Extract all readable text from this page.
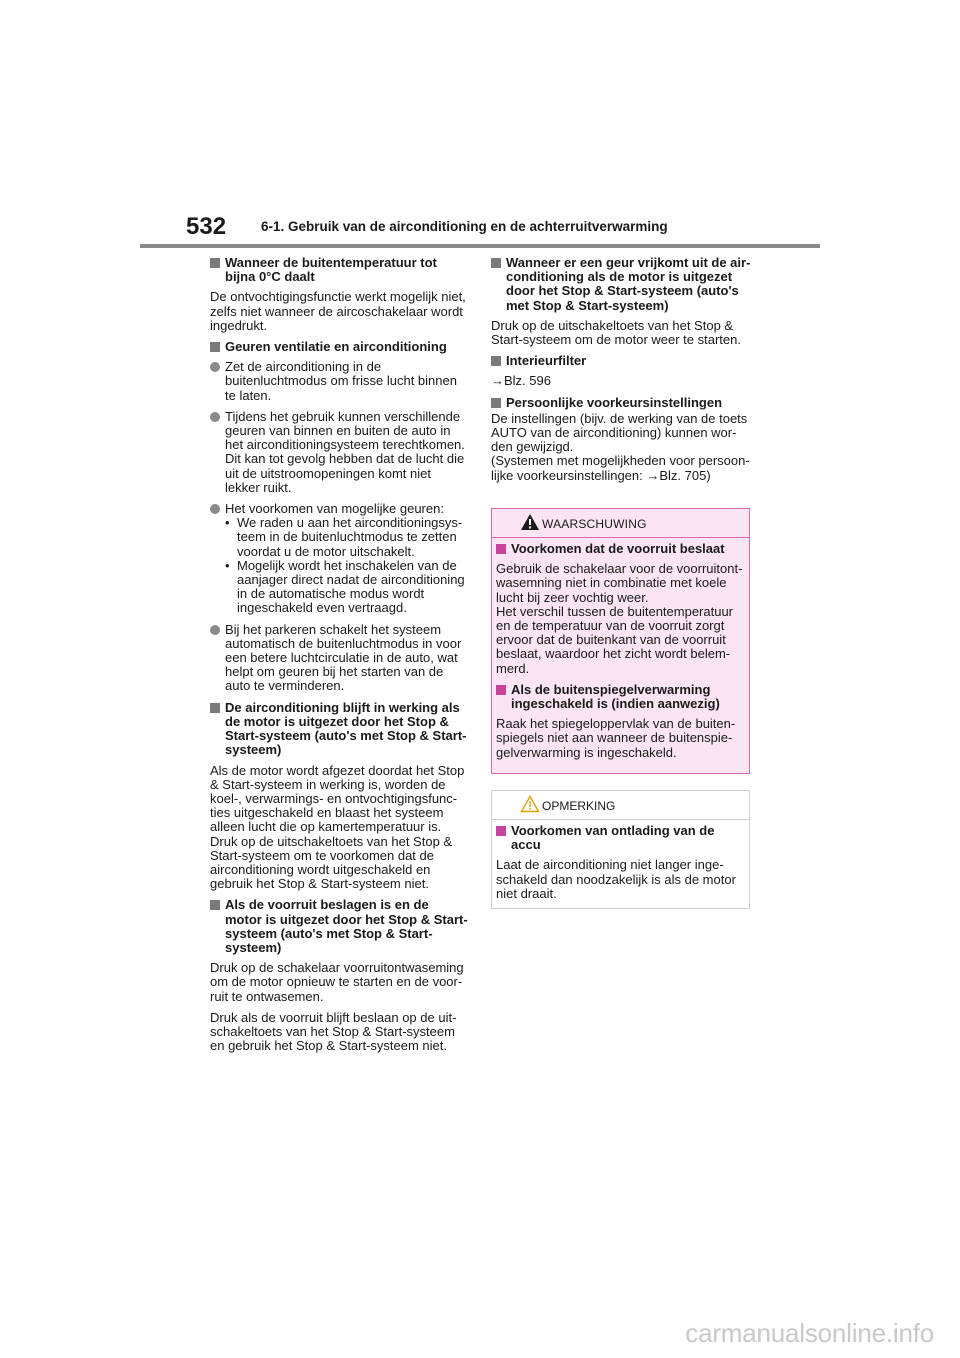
532	6-1. Gebruik van de airconditioning en de achterruitverwarming
Wanneer de buitentemperatuur tot bijna 0°C daalt

De ontvochtigingsfunctie werkt mogelijk niet, zelfs niet wanneer de aircoschakelaar wordt ingedrukt.

Geuren ventilatie en airconditioning
Zet de airconditioning in de buitenluchtmodus om frisse lucht binnen te laten.
Tijdens het gebruik kunnen verschillende geuren van binnen en buiten de auto in het airconditioningsysteem terechtkomen. Dit kan tot gevolg hebben dat de lucht die uit de uitstroomopeningen komt niet lekker ruikt.
Het voorkomen van mogelijke geuren:
• We raden u aan het airconditioningsysteem in de buitenluchtmodus te zetten voordat u de motor uitschakelt.
• Mogelijk wordt het inschakelen van de aanjager direct nadat de airconditioning in de automatische modus wordt ingeschakeld even vertraagd.
Bij het parkeren schakelt het systeem automatisch de buitenluchtmodus in voor een betere luchtcirculatie in de auto, wat helpt om geuren bij het starten van de auto te verminderen.
De airconditioning blijft in werking als de motor is uitgezet door het Stop & Start-systeem (auto's met Stop & Start-systeem)

Als de motor wordt afgezet doordat het Stop & Start-systeem in werking is, worden de koel-, verwarmings- en ontvochtigingsfuncties uitgeschakeld en blaast het systeem alleen lucht die op kamertemperatuur is. Druk op de uitschakeltoets van het Stop & Start-systeem om te voorkomen dat de airconditioning wordt uitgeschakeld en gebruik het Stop & Start-systeem niet.

Als de voorruit beslagen is en de motor is uitgezet door het Stop & Start-systeem (auto's met Stop & Start-systeem)

Druk op de schakelaar voorruitontwaseming om de motor opnieuw te starten en de voorruit te ontwasemen.

Druk als de voorruit blijft beslaan op de uitschakeltoets van het Stop & Start-systeem en gebruik het Stop & Start-systeem niet.

Wanneer er een geur vrijkomt uit de airconditioning als de motor is uitgezet door het Stop & Start-systeem (auto's met Stop & Start-systeem)

Druk op de uitschakeltoets van het Stop & Start-systeem om de motor weer te starten.

Interieurfilter

→Blz. 596

Persoonlijke voorkeursinstellingen

De instellingen (bijv. de werking van de toets AUTO van de airconditioning) kunnen worden gewijzigd.

(Systemen met mogelijkheden voor persoonlijke voorkeursinstellingen: →Blz. 705)

WAARSCHUWING
Voorkomen dat de voorruit beslaat

Gebruik de schakelaar voor de voorruitontwasemning niet in combinatie met koele lucht bij zeer vochtig weer.

Het verschil tussen de buitentemperatuur en de temperatuur van de voorruit zorgt ervoor dat de buitenkant van de voorruit beslaat, waardoor het zicht wordt belemmerd.

Als de buitenspiegelverwarming ingeschakeld is (indien aanwezig)

Raak het spiegeloppervlak van de buitenspiegels niet aan wanneer de buitenspiegelverwarming is ingeschakeld.

OPMERKING
Voorkomen van ontlading van de accu

Laat de airconditioning niet langer ingeschakeld dan noodzakelijk is als de motor niet draait.

carmanualsonline.info
